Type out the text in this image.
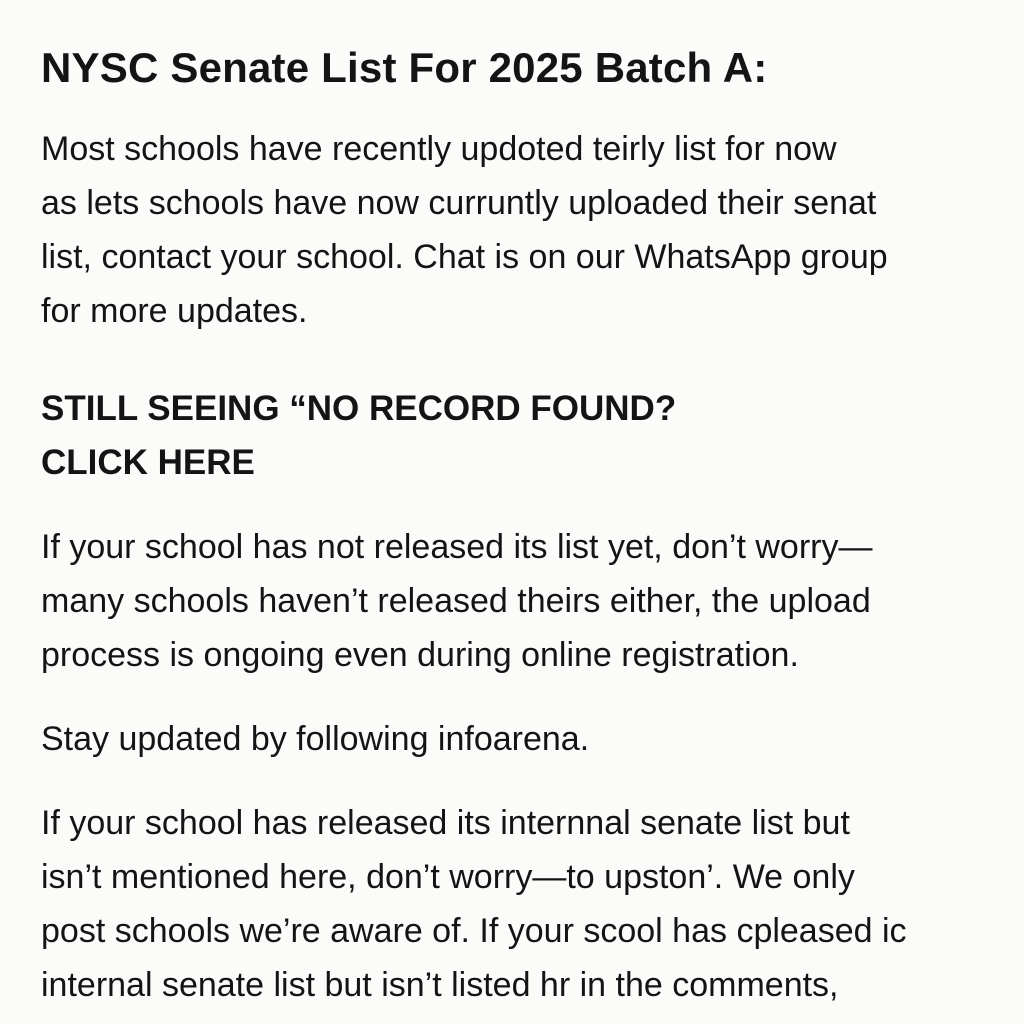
NYSC Senate List For 2025 Batch A:

Most schools have recently updoted teirly list for now
as lets schools have now curruntly uploaded their senat
list, contact your school. Chat is on our WhatsApp group
for more updates.

STILL SEEING “NO RECORD FOUND?
CLICK HERE

If your school has not released its list yet, don’t worry—
many schools haven’t released theirs either, the upload
process is ongoing even during online registration.

Stay updated by following infoarena.

If your school has released its internnal senate list but
isn’t mentioned here, don’t worry—to upston’. We only
post schools we’re aware of. If your scool has cpleased ic
internal senate list but isn’t listed hr in the comments,
